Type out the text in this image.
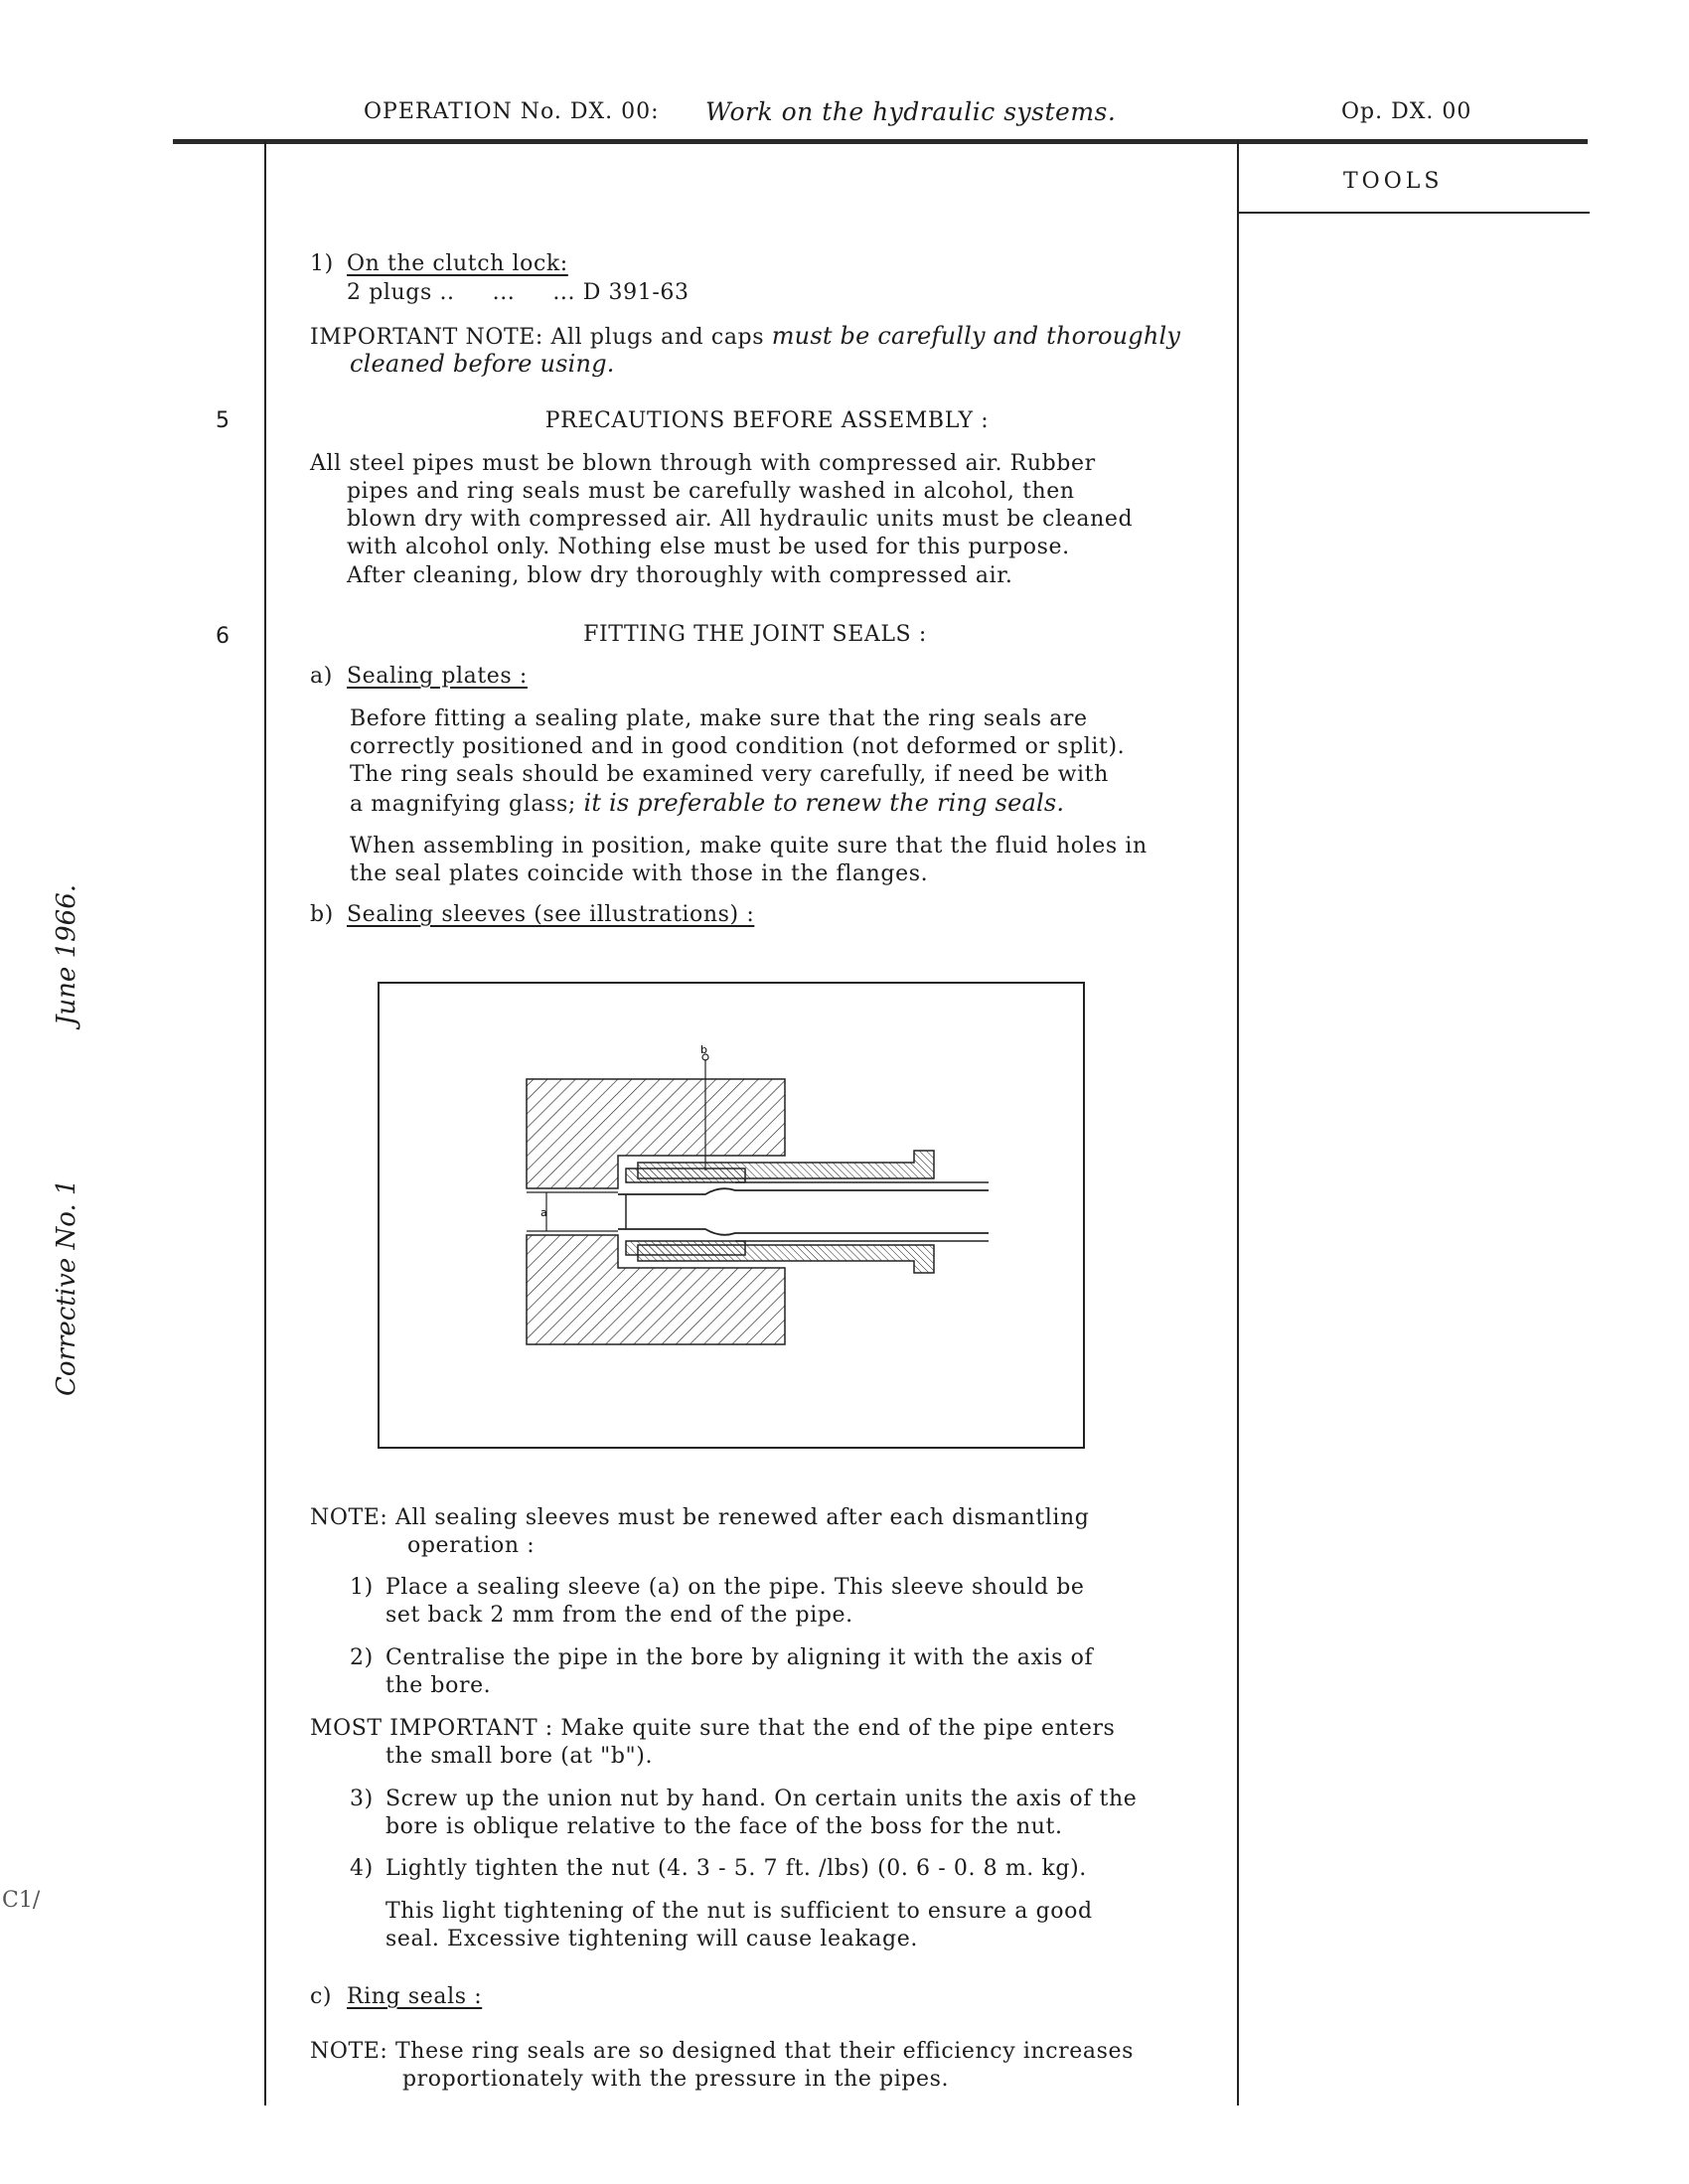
OPERATION No. DX. 00: Work on the hydraulic systems.	Op. DX. 00
TOOLS
June 1966.
Corrective No. 1
C1/
5
6
1) On the clutch lock:
2 plugs ..     ...     ... D 391-63
IMPORTANT NOTE: All plugs and caps must be carefully and thoroughly
cleaned before using.
PRECAUTIONS BEFORE ASSEMBLY :
All steel pipes must be blown through with compressed air. Rubber
pipes and ring seals must be carefully washed in alcohol, then
blown dry with compressed air. All hydraulic units must be cleaned
with alcohol only. Nothing else must be used for this purpose.
After cleaning, blow dry thoroughly with compressed air.
FITTING THE JOINT SEALS :
a) Sealing plates :
Before fitting a sealing plate, make sure that the ring seals are
correctly positioned and in good condition (not deformed or split).
The ring seals should be examined very carefully, if need be with
a magnifying glass; it is preferable to renew the ring seals.
When assembling in position, make quite sure that the fluid holes in
the seal plates coincide with those in the flanges.
b) Sealing sleeves (see illustrations) :
b
a
NOTE: All sealing sleeves must be renewed after each dismantling
operation :
1) Place a sealing sleeve (a) on the pipe. This sleeve should be
set back 2 mm from the end of the pipe.
2) Centralise the pipe in the bore by aligning it with the axis of
the bore.
MOST IMPORTANT : Make quite sure that the end of the pipe enters
the small bore (at "b").
3) Screw up the union nut by hand. On certain units the axis of the
bore is oblique relative to the face of the boss for the nut.
4) Lightly tighten the nut (4. 3 - 5. 7 ft. /lbs) (0. 6 - 0. 8 m. kg).
This light tightening of the nut is sufficient to ensure a good
seal. Excessive tightening will cause leakage.
c) Ring seals :
NOTE: These ring seals are so designed that their efficiency increases
proportionately with the pressure in the pipes.
